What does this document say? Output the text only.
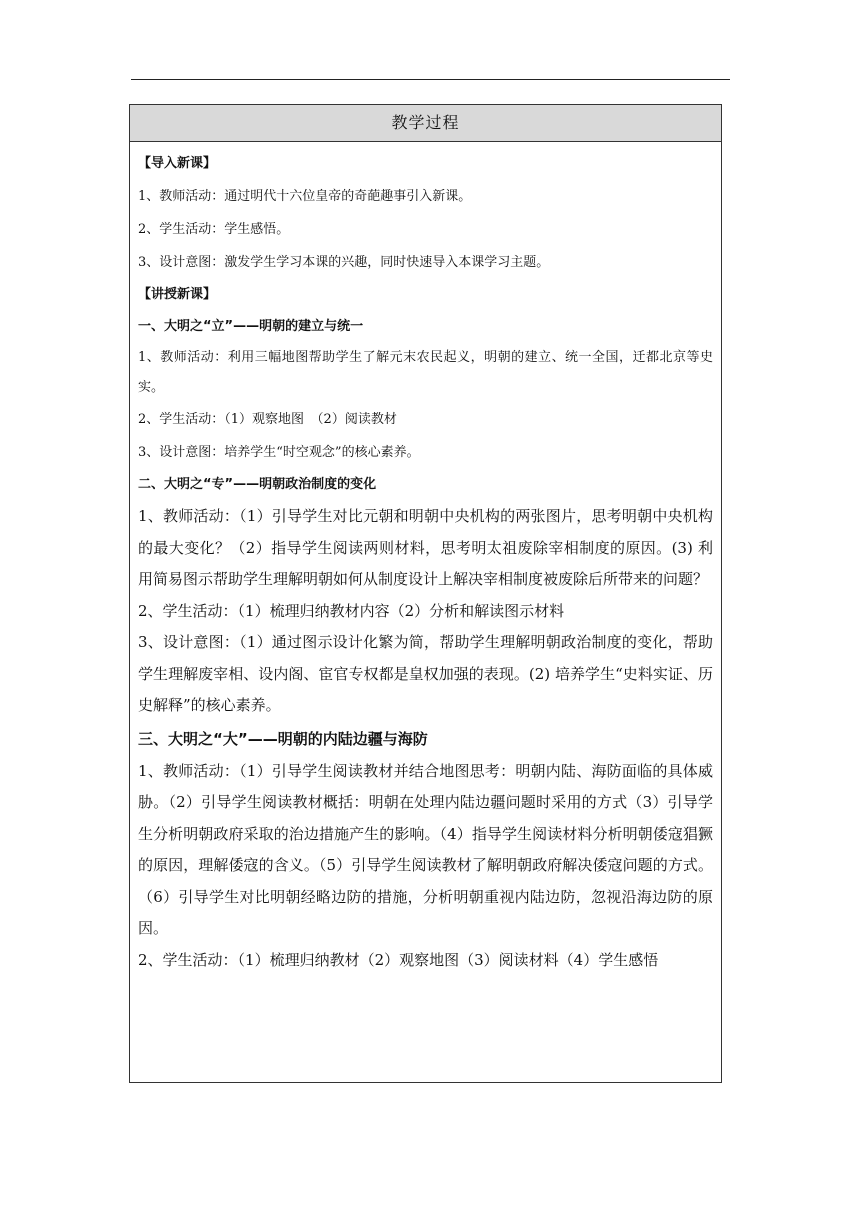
教学过程

【导入新课】

1、教师活动：通过明代十六位皇帝的奇葩趣事引入新课。

2、学生活动：学生感悟。

3、设计意图：激发学生学习本课的兴趣，同时快速导入本课学习主题。

【讲授新课】

一、大明之“立”——明朝的建立与统一

1、教师活动：利用三幅地图帮助学生了解元末农民起义，明朝的建立、统一全国，迁都北京等史实。

2、学生活动：（1）观察地图　（2）阅读教材

3、设计意图：培养学生“时空观念”的核心素养。

二、大明之“专”——明朝政治制度的变化

1、教师活动：（1）引导学生对比元朝和明朝中央机构的两张图片，思考明朝中央机构的最大变化？（2）指导学生阅读两则材料，思考明太祖废除宰相制度的原因。(3) 利用简易图示帮助学生理解明朝如何从制度设计上解决宰相制度被废除后所带来的问题？

2、学生活动：（1）梳理归纳教材内容（2）分析和解读图示材料

3、设计意图：（1）通过图示设计化繁为简，帮助学生理解明朝政治制度的变化，帮助学生理解废宰相、设内阁、宦官专权都是皇权加强的表现。(2) 培养学生“史料实证、历史解释”的核心素养。

三、大明之“大”——明朝的内陆边疆与海防

1、教师活动：（1）引导学生阅读教材并结合地图思考：明朝内陆、海防面临的具体威胁。（2）引导学生阅读教材概括：明朝在处理内陆边疆问题时采用的方式（3）引导学生分析明朝政府采取的治边措施产生的影响。（4）指导学生阅读材料分析明朝倭寇猖獗的原因，理解倭寇的含义。（5）引导学生阅读教材了解明朝政府解决倭寇问题的方式。（6）引导学生对比明朝经略边防的措施，分析明朝重视内陆边防，忽视沿海边防的原因。

2、学生活动：（1）梳理归纳教材（2）观察地图（3）阅读材料（4）学生感悟
